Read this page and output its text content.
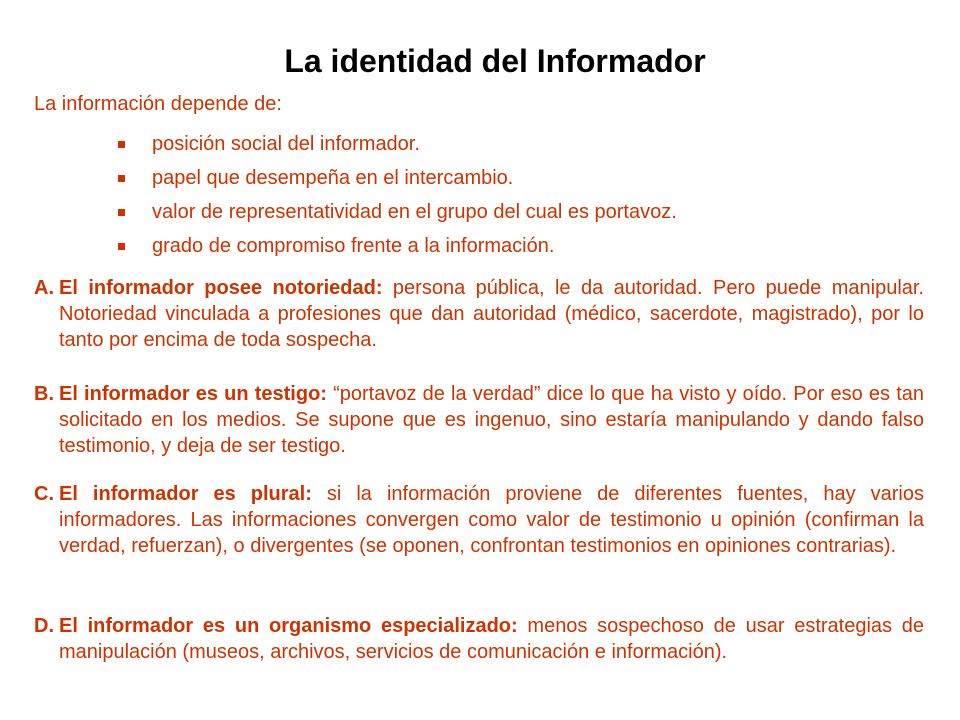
La identidad del Informador
La información depende de:
posición social del informador.
papel que desempeña en el intercambio.
valor de representatividad en el grupo del cual es portavoz.
grado de compromiso frente a la información.
A. El informador posee notoriedad: persona pública, le da autoridad. Pero puede manipular. Notoriedad vinculada a profesiones que dan autoridad (médico, sacerdote, magistrado), por lo tanto por encima de toda sospecha.
B. El informador es un testigo: “portavoz de la verdad” dice lo que ha visto y oído. Por eso es tan solicitado en los medios. Se supone que es ingenuo, sino estaría manipulando y dando falso testimonio, y deja de ser testigo.
C. El informador es plural: si la información proviene de diferentes fuentes, hay varios informadores. Las informaciones convergen como valor de testimonio u opinión (confirman la verdad, refuerzan), o divergentes (se oponen, confrontan testimonios en opiniones contrarias).
D. El informador es un organismo especializado: menos sospechoso de usar estrategias de manipulación (museos, archivos, servicios de comunicación e información).
